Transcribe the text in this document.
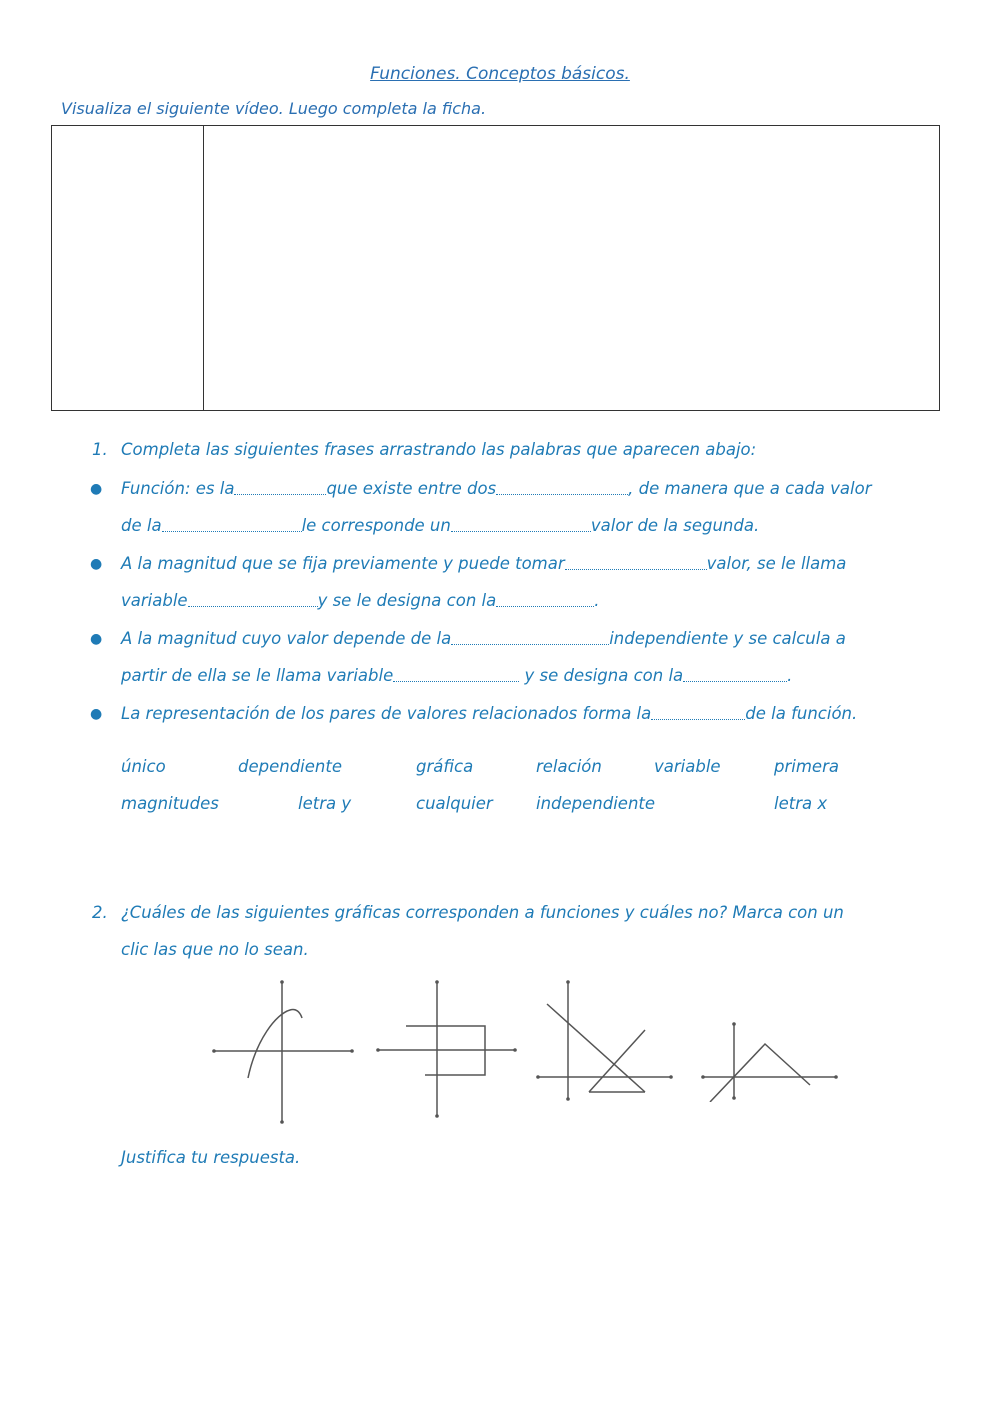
Funciones. Conceptos básicos.
Visualiza el siguiente vídeo. Luego completa la ficha.
1. Completa las siguientes frases arrastrando las palabras que aparecen abajo:
● Función: es la	que existe entre dos	, de manera que a cada valor
de la	le corresponde un	valor de la segunda.
● A la magnitud que se fija previamente y puede tomar	valor, se le llama
variable	y se le designa con la	.
● A la magnitud cuyo valor depende de la	independiente y se calcula a
partir de ella se le llama variable	y se designa con la	.
● La representación de los pares de valores relacionados forma la	de la función.
único	dependiente	gráfica	relación	variable	primera
magnitudes	letra y	cualquier	independiente	letra x
2. ¿Cuáles de las siguientes gráficas corresponden a funciones y cuáles no? Marca con un
clic las que no lo sean.
Justifica tu respuesta.
